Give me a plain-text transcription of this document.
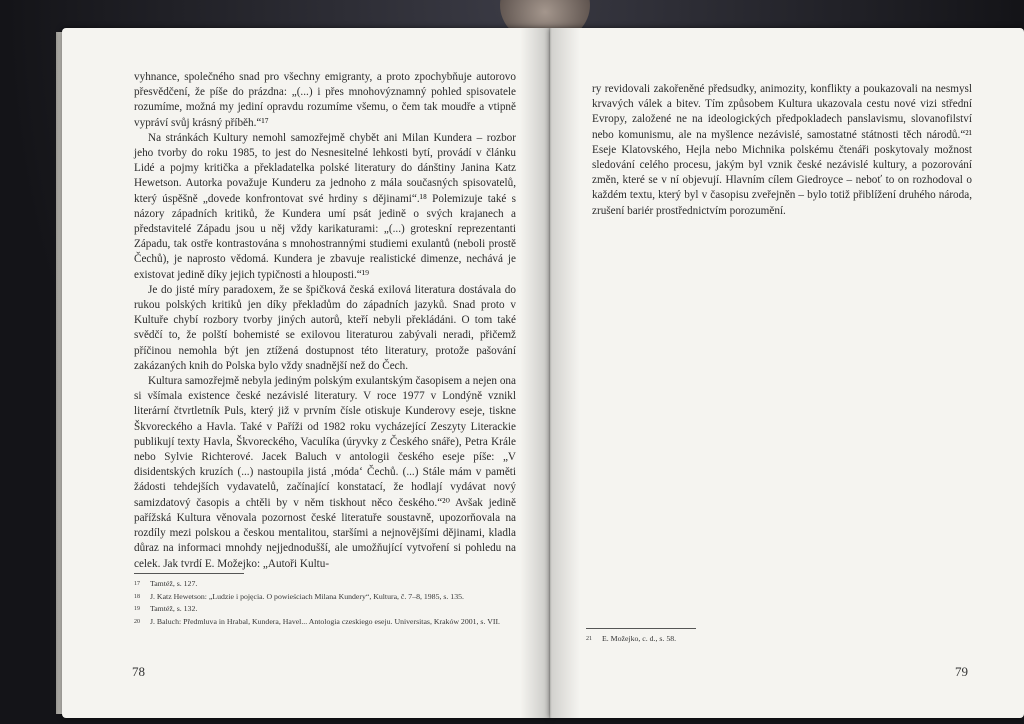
vyhnance, společného snad pro všechny emigranty, a proto zpochybňuje autorovo přesvědčení, že píše do prázdna: „(...) i přes mnohovýznamný pohled spisovatele rozumíme, možná my jediní opravdu rozumíme všemu, o čem tak moudře a vtipně vypráví svůj krásný příběh.“¹⁷

Na stránkách Kultury nemohl samozřejmě chybět ani Milan Kundera – rozbor jeho tvorby do roku 1985, to jest do Nesnesitelné lehkosti bytí, provádí v článku Lidé a pojmy kritička a překladatelka polské literatury do dánštiny Janina Katz Hewetson. Autorka považuje Kunderu za jednoho z mála současných spisovatelů, který úspěšně „dovede konfrontovat své hrdiny s dějinami“.¹⁸ Polemizuje také s názory západních kritiků, že Kundera umí psát jedině o svých krajanech a představitelé Západu jsou u něj vždy karikaturami: „(...) groteskní reprezentanti Západu, tak ostře kontrastována s mnohostrannými studiemi exulantů (neboli prostě Čechů), je naprosto vědomá. Kundera je zbavuje realistické dimenze, nechává je existovat jedině díky jejich typičnosti a hlouposti.“¹⁹

Je do jisté míry paradoxem, že se špičková česká exilová literatura dostávala do rukou polských kritiků jen díky překladům do západních jazyků. Snad proto v Kultuře chybí rozbory tvorby jiných autorů, kteří nebyli překládáni. O tom také svědčí to, že polští bohemisté se exilovou literaturou zabývali neradi, přičemž příčinou nemohla být jen ztížená dostupnost této literatury, protože pašování zakázaných knih do Polska bylo vždy snadnější než do Čech.

Kultura samozřejmě nebyla jediným polským exulantským časopisem a nejen ona si všímala existence české nezávislé literatury. V roce 1977 v Londýně vznikl literární čtvrtletník Puls, který již v prvním čísle otiskuje Kunderovy eseje, tiskne Škvoreckého a Havla. Také v Paříži od 1982 roku vycházející Zeszyty Literackie publikují texty Havla, Škvoreckého, Vaculíka (úryvky z Českého snáře), Petra Krále nebo Sylvie Richterové. Jacek Baluch v antologii českého eseje píše: „V disidentských kruzích (...) nastoupila jistá ‚móda‘ Čechů. (...) Stále mám v paměti žádosti tehdejších vydavatelů, začínající konstatací, že hodlají vydávat nový samizdatový časopis a chtěli by v něm tiskhout něco českého.“²⁰ Avšak jedině pařížská Kultura věnovala pozornost české literatuře soustavně, upozorňovala na rozdíly mezi polskou a českou mentalitou, staršími a nejnovějšími dějinami, kladla důraz na informaci mnohdy nejjednodušší, ale umožňující vytvoření si pohledu na celek. Jak tvrdí E. Možejko: „Autoři Kultu-

17	Tamtéž, s. 127.
18	J. Katz Hewetson: „Ludzie i pojęcia. O powieściach Milana Kundery“, Kultura, č. 7–8, 1985, s. 135.
19	Tamtéž, s. 132.
20	J. Baluch: Předmluva in Hrabal, Kundera, Havel... Antologia czeskiego eseju. Universitas, Kraków 2001, s. VII.
78

ry revidovali zakořeněné předsudky, animozity, konflikty a poukazovali na nesmysl krvavých válek a bitev. Tím způsobem Kultura ukazovala cestu nové vizi střední Evropy, založené ne na ideologických předpokladech panslavismu, slovanofilství nebo komunismu, ale na myšlence nezávislé, samostatné státnosti těch národů.“²¹ Eseje Klatovského, Hejla nebo Michnika polskému čtenáři poskytovaly možnost sledování celého procesu, jakým byl vznik české nezávislé kultury, a pozorování změn, které se v ní objevují. Hlavním cílem Giedroyce – neboť to on rozhodoval o každém textu, který byl v časopisu zveřejněn – bylo totiž přiblížení druhého národa, zrušení bariér prostřednictvím porozumění.

21	E. Možejko, c. d., s. 58.
79
